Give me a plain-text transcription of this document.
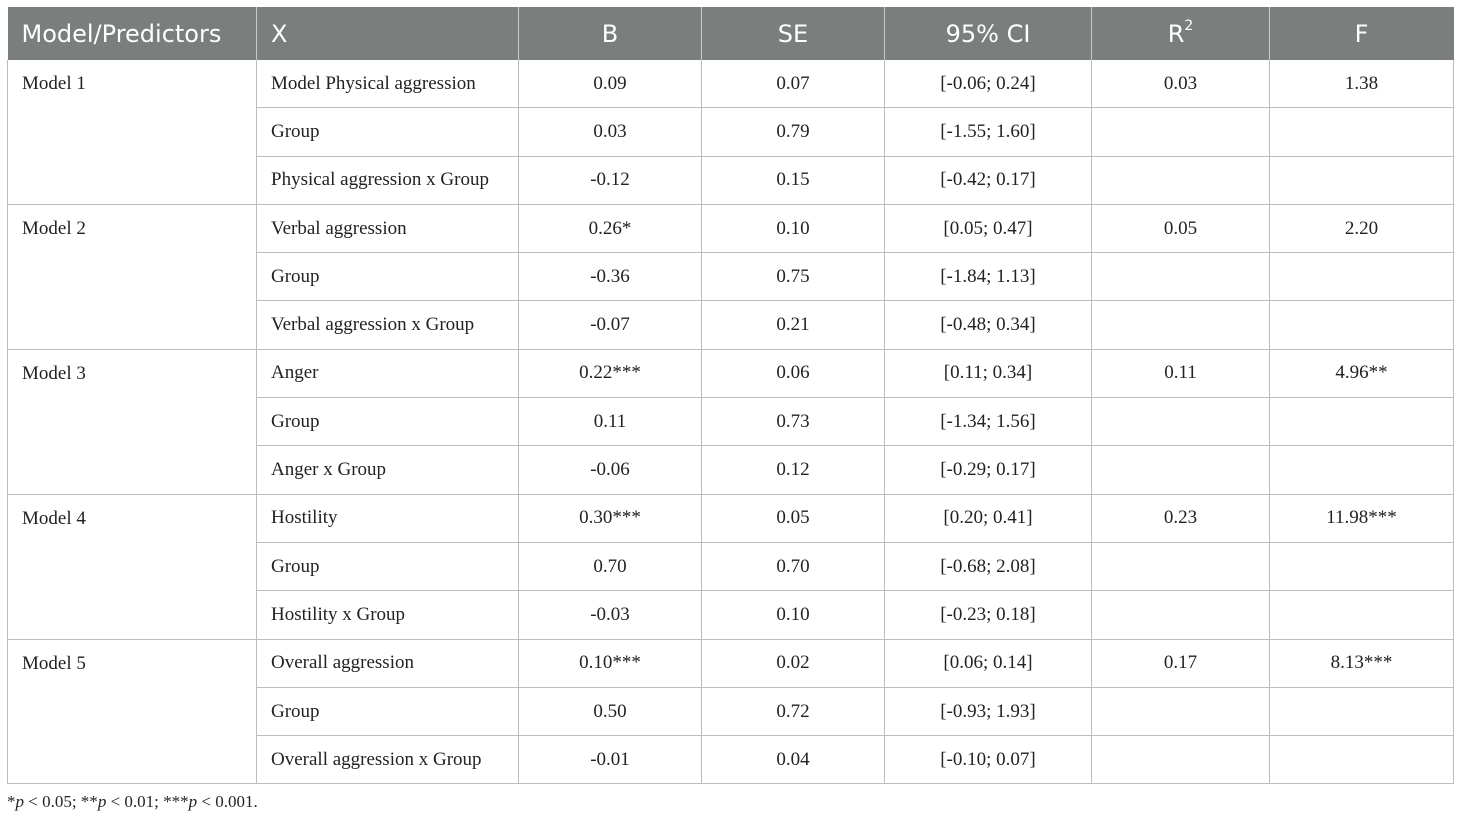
Model/Predictors	X	B	SE	95% CI	$R^2$	F
Model 1	Model Physical aggression	0.09	0.07	[-0.06; 0.24]	0.03	1.38
	Group	0.03	0.79	[-1.55; 1.60]		
	Physical aggression x Group	-0.12	0.15	[-0.42; 0.17]		
Model 2	Verbal aggression	0.26*	0.10	[0.05; 0.47]	0.05	2.20
	Group	-0.36	0.75	[-1.84; 1.13]		
	Verbal aggression x Group	-0.07	0.21	[-0.48; 0.34]		
Model 3	Anger	0.22***	0.06	[0.11; 0.34]	0.11	4.96**
	Group	0.11	0.73	[-1.34; 1.56]		
	Anger x Group	-0.06	0.12	[-0.29; 0.17]		
Model 4	Hostility	0.30***	0.05	[0.20; 0.41]	0.23	11.98***
	Group	0.70	0.70	[-0.68; 2.08]		
	Hostility x Group	-0.03	0.10	[-0.23; 0.18]		
Model 5	Overall aggression	0.10***	0.02	[0.06; 0.14]	0.17	8.13***
	Group	0.50	0.72	[-0.93; 1.93]		
	Overall aggression x Group	-0.01	0.04	[-0.10; 0.07]		
*p < 0.05; **p < 0.01; ***p < 0.001.
